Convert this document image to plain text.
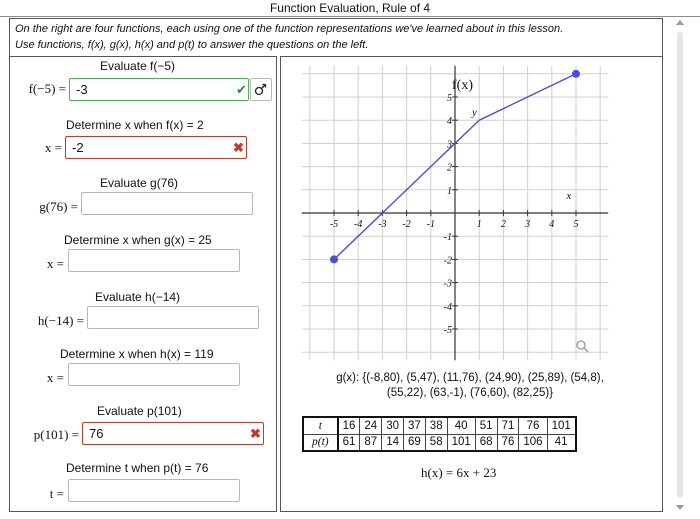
Function Evaluation, Rule of 4
On the right are four functions, each using one of the function representations we've learned about in this lesson.
Use functions, f(x), g(x), h(x) and p(t) to answer the questions on the left.
Evaluate f(−5)
f(−5) =
-3	✔
Determine x when f(x) = 2
x =
-2	✖
Evaluate g(76)
g(76) =
Determine x when g(x) = 25
x =
Evaluate h(−14)
h(−14) =
Determine x when h(x) = 119
x =
Evaluate p(101)
p(101) =
76	✖
Determine t when p(t) = 76
t =
f(x)
-5 -4 -3 -2 -1	1 2 3 4 5
5
4
3
2
1
-1
-2
-3
-4
-5
x
y
g(x): {(-8,80), (5,47), (11,76), (24,90), (25,89), (54,8),
(55,22), (63,-1), (76,60), (82,25)}
t	16	24	30	37	38	40	51	71	76	101
p(t)	61	87	14	69	58	101	68	76	106	41
h(x) = 6x + 23
